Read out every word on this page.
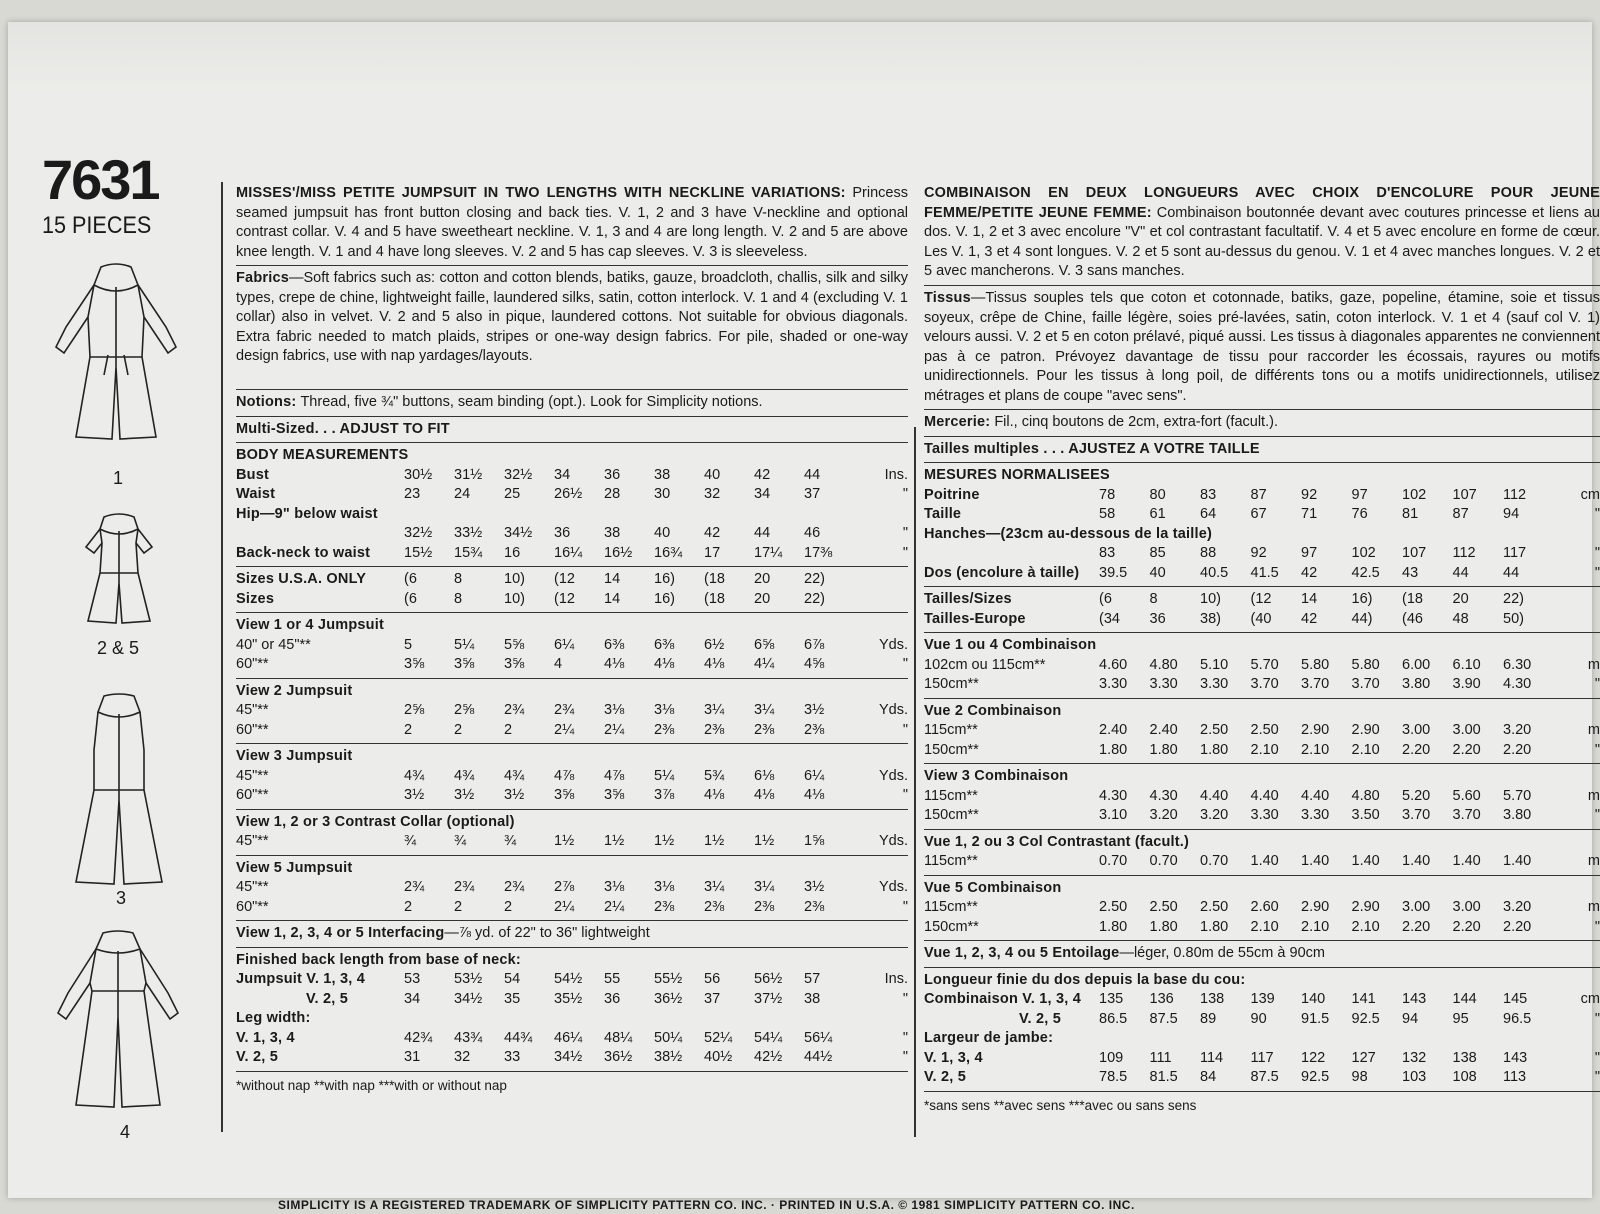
7631
15 PIECES
1
2 & 5
3
4
MISSES'/MISS PETITE JUMPSUIT IN TWO LENGTHS WITH NECKLINE VARIATIONS: Princess seamed jumpsuit has front button closing and back ties. V. 1, 2 and 3 have V-neckline and optional contrast collar. V. 4 and 5 have sweetheart neckline. V. 1, 3 and 4 are long length. V. 2 and 5 are above knee length. V. 1 and 4 have long sleeves. V. 2 and 5 has cap sleeves. V. 3 is sleeveless.
Fabrics—Soft fabrics such as: cotton and cotton blends, batiks, gauze, broadcloth, challis, silk and silky types, crepe de chine, lightweight faille, laundered silks, satin, cotton interlock. V. 1 and 4 (excluding V. 1 collar) also in velvet. V. 2 and 5 also in pique, laundered cottons. Not suitable for obvious diagonals. Extra fabric needed to match plaids, stripes or one-way design fabrics. For pile, shaded or one-way design fabrics, use with nap yardages/layouts.
Notions:
Thread, five ¾" buttons, seam binding (opt.). Look for Simplicity notions.
Multi-Sized. . . ADJUST TO FIT
BODY MEASUREMENTS
Bust	30½	31½	32½	34	36	38	40	42	44	Ins.
Waist	23	24	25	26½	28	30	32	34	37	"
Hip—9" below waist
32½	33½	34½	36	38	40	42	44	46	"
Back-neck to waist	15½	15¾	16	16¼	16½	16¾	17	17¼	17⅜	"
Sizes U.S.A. ONLY	(6	8	10)	(12	14	16)	(18	20	22)
Sizes	(6	8	10)	(12	14	16)	(18	20	22)
View 1 or 4 Jumpsuit
40" or 45"**	5	5¼	5⅝	6¼	6⅜	6⅜	6½	6⅝	6⅞	Yds.
60"**	3⅝	3⅝	3⅝	4	4⅛	4⅛	4⅛	4¼	4⅝	"
View 2 Jumpsuit
45"**	2⅝	2⅝	2¾	2¾	3⅛	3⅛	3¼	3¼	3½	Yds.
60"**	2	2	2	2¼	2¼	2⅜	2⅜	2⅜	2⅜	"
View 3 Jumpsuit
45"**	4¾	4¾	4¾	4⅞	4⅞	5¼	5¾	6⅛	6¼	Yds.
60"**	3½	3½	3½	3⅝	3⅝	3⅞	4⅛	4⅛	4⅛	"
View 1, 2 or 3 Contrast Collar (optional)
45"**	¾	¾	¾	1½	1½	1½	1½	1½	1⅝	Yds.
View 5 Jumpsuit
45"**	2¾	2¾	2¾	2⅞	3⅛	3⅛	3¼	3¼	3½	Yds.
60"**	2	2	2	2¼	2¼	2⅜	2⅜	2⅜	2⅜	"
View 1, 2, 3, 4 or 5 Interfacing —⅞ yd. of 22" to 36" lightweight
Finished back length from base of neck:
Jumpsuit V. 1, 3, 4	53	53½	54	54½	55	55½	56	56½	57	Ins.
V. 2, 5	34	34½	35	35½	36	36½	37	37½	38	"
Leg width:
V. 1, 3, 4	42¾	43¾	44¾	46¼	48¼	50¼	52¼	54¼	56¼	"
V. 2, 5	31	32	33	34½	36½	38½	40½	42½	44½	"
*without nap **with nap ***with or without nap
COMBINAISON EN DEUX LONGUEURS AVEC CHOIX D'ENCOLURE POUR JEUNE FEMME/PETITE JEUNE FEMME: Combinaison boutonnée devant avec coutures princesse et liens au dos. V. 1, 2 et 3 avec encolure "V" et col contrastant facultatif. V. 4 et 5 avec encolure en forme de cœur. Les V. 1, 3 et 4 sont longues. V. 2 et 5 sont au-dessus du genou. V. 1 et 4 avec manches longues. V. 2 et 5 avec mancherons. V. 3 sans manches.
Tissus—Tissus souples tels que coton et cotonnade, batiks, gaze, popeline, étamine, soie et tissus soyeux, crêpe de Chine, faille légère, soies pré-lavées, satin, coton interlock. V. 1 et 4 (sauf col V. 1) velours aussi. V. 2 et 5 en coton prélavé, piqué aussi. Les tissus à diagonales apparentes ne conviennent pas à ce patron. Prévoyez davantage de tissu pour raccorder les écossais, rayures ou motifs unidirectionnels. Pour les tissus à long poil, de différents tons ou a motifs unidirectionnels, utilisez métrages et plans de coupe "avec sens".
Mercerie:
Fil., cinq boutons de 2cm, extra-fort (facult.).
Tailles multiples . . . AJUSTEZ A VOTRE TAILLE
MESURES NORMALISEES
Poitrine	78	80	83	87	92	97	102	107	112	cm
Taille	58	61	64	67	71	76	81	87	94	"
Hanches—(23cm au-dessous de la taille)
83	85	88	92	97	102	107	112	117	"
Dos (encolure à taille)	39.5	40	40.5	41.5	42	42.5	43	44	44	"
Tailles/Sizes	(6	8	10)	(12	14	16)	(18	20	22)
Tailles-Europe	(34	36	38)	(40	42	44)	(46	48	50)
Vue 1 ou 4 Combinaison
102cm ou 115cm**	4.60	4.80	5.10	5.70	5.80	5.80	6.00	6.10	6.30	m
150cm**	3.30	3.30	3.30	3.70	3.70	3.70	3.80	3.90	4.30	"
Vue 2 Combinaison
115cm**	2.40	2.40	2.50	2.50	2.90	2.90	3.00	3.00	3.20	m
150cm**	1.80	1.80	1.80	2.10	2.10	2.10	2.20	2.20	2.20	"
View 3 Combinaison
115cm**	4.30	4.30	4.40	4.40	4.40	4.80	5.20	5.60	5.70	m
150cm**	3.10	3.20	3.20	3.30	3.30	3.50	3.70	3.70	3.80	"
Vue 1, 2 ou 3 Col Contrastant (facult.)
115cm**	0.70	0.70	0.70	1.40	1.40	1.40	1.40	1.40	1.40	m
Vue 5 Combinaison
115cm**	2.50	2.50	2.50	2.60	2.90	2.90	3.00	3.00	3.20	m
150cm**	1.80	1.80	1.80	2.10	2.10	2.10	2.20	2.20	2.20	"
Vue 1, 2, 3, 4 ou 5 Entoilage —léger, 0.80m de 55cm à 90cm
Longueur finie du dos depuis la base du cou:
Combinaison V. 1, 3, 4	135	136	138	139	140	141	143	144	145	cm
V. 2, 5	86.5	87.5	89	90	91.5	92.5	94	95	96.5	"
Largeur de jambe:
V. 1, 3, 4	109	111	114	117	122	127	132	138	143	"
V. 2, 5	78.5	81.5	84	87.5	92.5	98	103	108	113	"
*sans sens **avec sens ***avec ou sans sens
SIMPLICITY IS A REGISTERED TRADEMARK OF SIMPLICITY PATTERN CO. INC. · PRINTED IN U.S.A. © 1981 SIMPLICITY PATTERN CO. INC.
